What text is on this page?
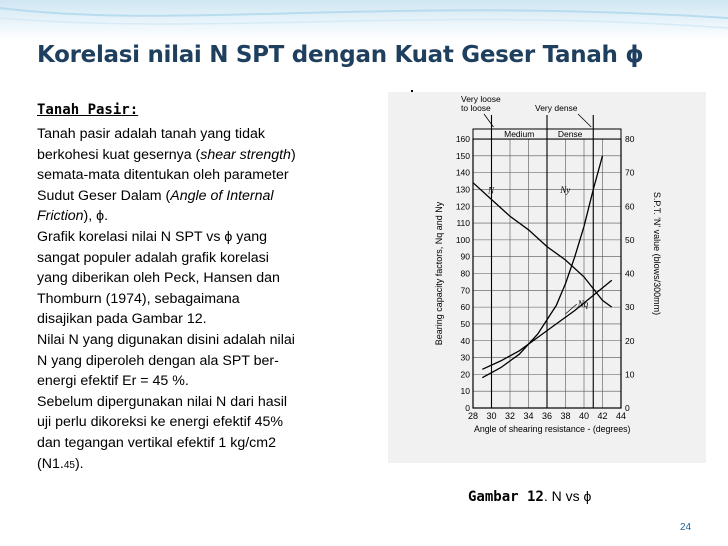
Korelasi nilai N SPT dengan Kuat Geser Tanah ϕ
Tanah Pasir:
Tanah pasir adalah tanah yang tidak
berkohesi kuat gesernya (shear strength)
semata-mata ditentukan oleh parameter
Sudut Geser Dalam (Angle of Internal
Friction), ϕ.
Grafik korelasi nilai N SPT vs ϕ yang
sangat populer adalah grafik korelasi
yang diberikan oleh Peck, Hansen dan
Thomburn (1974), sebagaimana
disajikan pada Gambar 12.
Nilai N yang digunakan disini adalah nilai
N yang diperoleh dengan ala SPT ber-
energi efektif Er = 45 %.
Sebelum dipergunakan nilai N dari hasil
uji perlu dikoreksi ke energi efektif 45%
dan tegangan vertikal efektif 1 kg/cm2
(N1.45).
28 30 32 34 36 38 40 42 44
0
10
20
30
40
50
60
70
80
90
100
110
120
130
140
150
160
0
10
20
30
40
50
60
70
80
Medium	Dense
Very loose to loose	Very dense
N	Ny
Nq
Angle of shearing resistance - (degrees)
Bearing capacity factors, Nq and Ny	S.P.T. 'N' value (blows/300mm)
Gambar 12. N vs ϕ
24
